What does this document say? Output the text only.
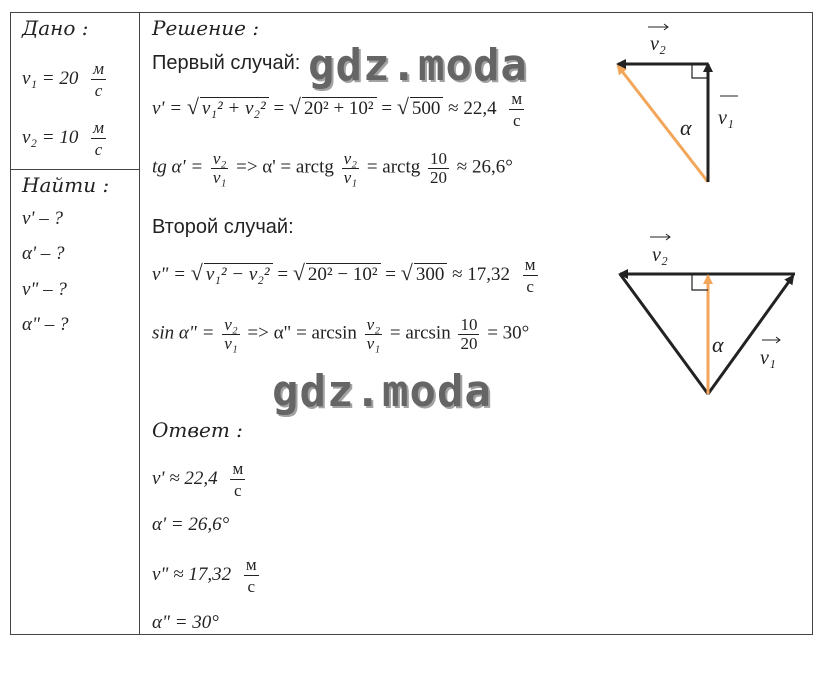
Дано :
$v_1 = 20 \frac{м}{с}$
$v_2 = 10 \frac{м}{с}$
Найти :
v' – ?
α' – ?
v" – ?
α" – ?
Решение :
Первый случай:
v' = √ v₁² + v₂² = √ 20² + 10² = √ $500 \approx 22,4 \frac{м}{с}$
tg $\alpha' = \frac{\text{v₂}}{\text{v₁}} => \alpha'$ = arctg $\frac{\text{v₂}}{\text{v₁}}$ = arctg $\frac{10}{20} \approx 26,6^\circ$
Второй случай:
v" = √ v₁² − v₂² = √ 20² − 10² = √ $300 \approx 17,32 \frac{м}{с}$
sin α" = $\frac{\text{v₂}}{\text{v₁}} => \alpha$" = $\arcsin \frac{\text{v₂}}{\text{v₁}} = \arcsin \frac{10}{20} = 30^\circ$
Ответ :
$v' \approx 22,4 \frac{м}{с}$
α' = 26,6°
v" ≈ $17,32 \frac{м}{с}$
α" = 30°
gdz.moda
gdz.moda
v₂
v₁
α
v₂
v₁
α
